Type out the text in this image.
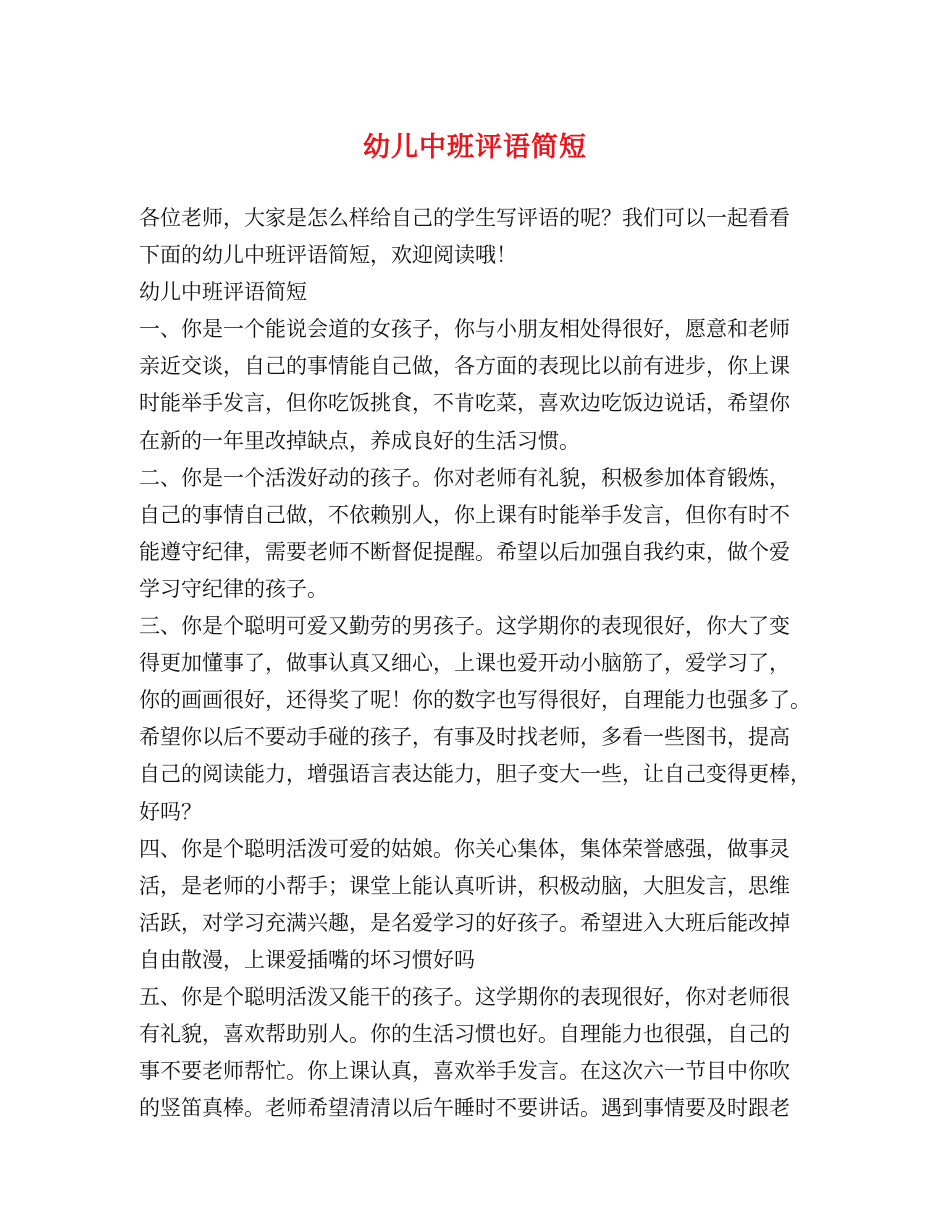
幼儿中班评语简短

各位老师，大家是怎么样给自己的学生写评语的呢？我们可以一起看看

下面的幼儿中班评语简短，欢迎阅读哦！

幼儿中班评语简短

一、你是一个能说会道的女孩子，你与小朋友相处得很好，愿意和老师

亲近交谈，自己的事情能自己做，各方面的表现比以前有进步，你上课

时能举手发言，但你吃饭挑食，不肯吃菜，喜欢边吃饭边说话，希望你

在新的一年里改掉缺点，养成良好的生活习惯。

二、你是一个活泼好动的孩子。你对老师有礼貌，积极参加体育锻炼，

自己的事情自己做，不依赖别人，你上课有时能举手发言，但你有时不

能遵守纪律，需要老师不断督促提醒。希望以后加强自我约束，做个爱

学习守纪律的孩子。

三、你是个聪明可爱又勤劳的男孩子。这学期你的表现很好，你大了变

得更加懂事了，做事认真又细心，上课也爱开动小脑筋了，爱学习了，

你的画画很好，还得奖了呢！你的数字也写得很好，自理能力也强多了。

希望你以后不要动手碰的孩子，有事及时找老师，多看一些图书，提高

自己的阅读能力，增强语言表达能力，胆子变大一些，让自己变得更棒，

好吗？

四、你是个聪明活泼可爱的姑娘。你关心集体，集体荣誉感强，做事灵

活，是老师的小帮手；课堂上能认真听讲，积极动脑，大胆发言，思维

活跃，对学习充满兴趣，是名爱学习的好孩子。希望进入大班后能改掉

自由散漫，上课爱插嘴的坏习惯好吗

五、你是个聪明活泼又能干的孩子。这学期你的表现很好，你对老师很

有礼貌，喜欢帮助别人。你的生活习惯也好。自理能力也很强，自己的

事不要老师帮忙。你上课认真，喜欢举手发言。在这次六一节目中你吹

的竖笛真棒。老师希望清清以后午睡时不要讲话。遇到事情要及时跟老
